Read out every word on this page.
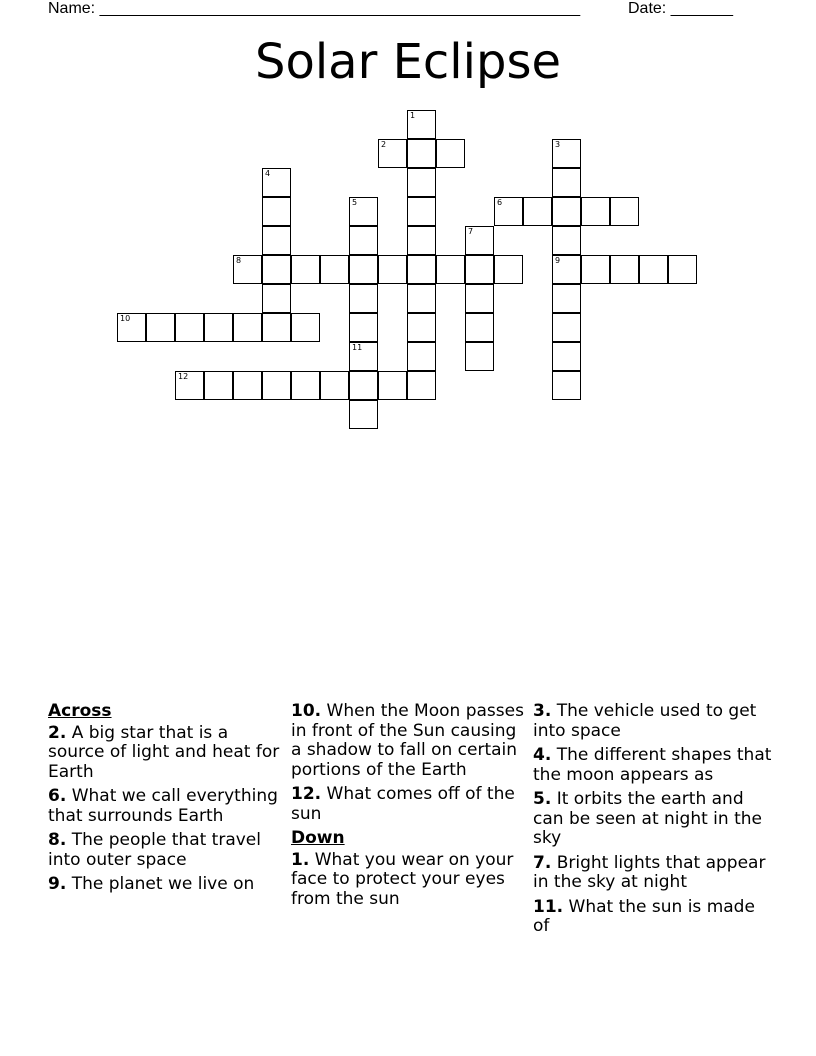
Name: ______________________________________________________	Date: _______
Solar Eclipse
1
2	3
9
4
5	6
7
8
10
11
12
Across
2. A big star that is a source of light and heat for Earth
6. What we call everything that surrounds Earth
8. The people that travel into outer space
9. The planet we live on
10. When the Moon passes in front of the Sun causing a shadow to fall on certain portions of the Earth
12. What comes off of the sun
Down
1. What you wear on your face to protect your eyes from the sun
3. The vehicle used to get into space
4. The different shapes that the moon appears as
5. It orbits the earth and can be seen at night in the sky
7. Bright lights that appear in the sky at night
11. What the sun is made of
